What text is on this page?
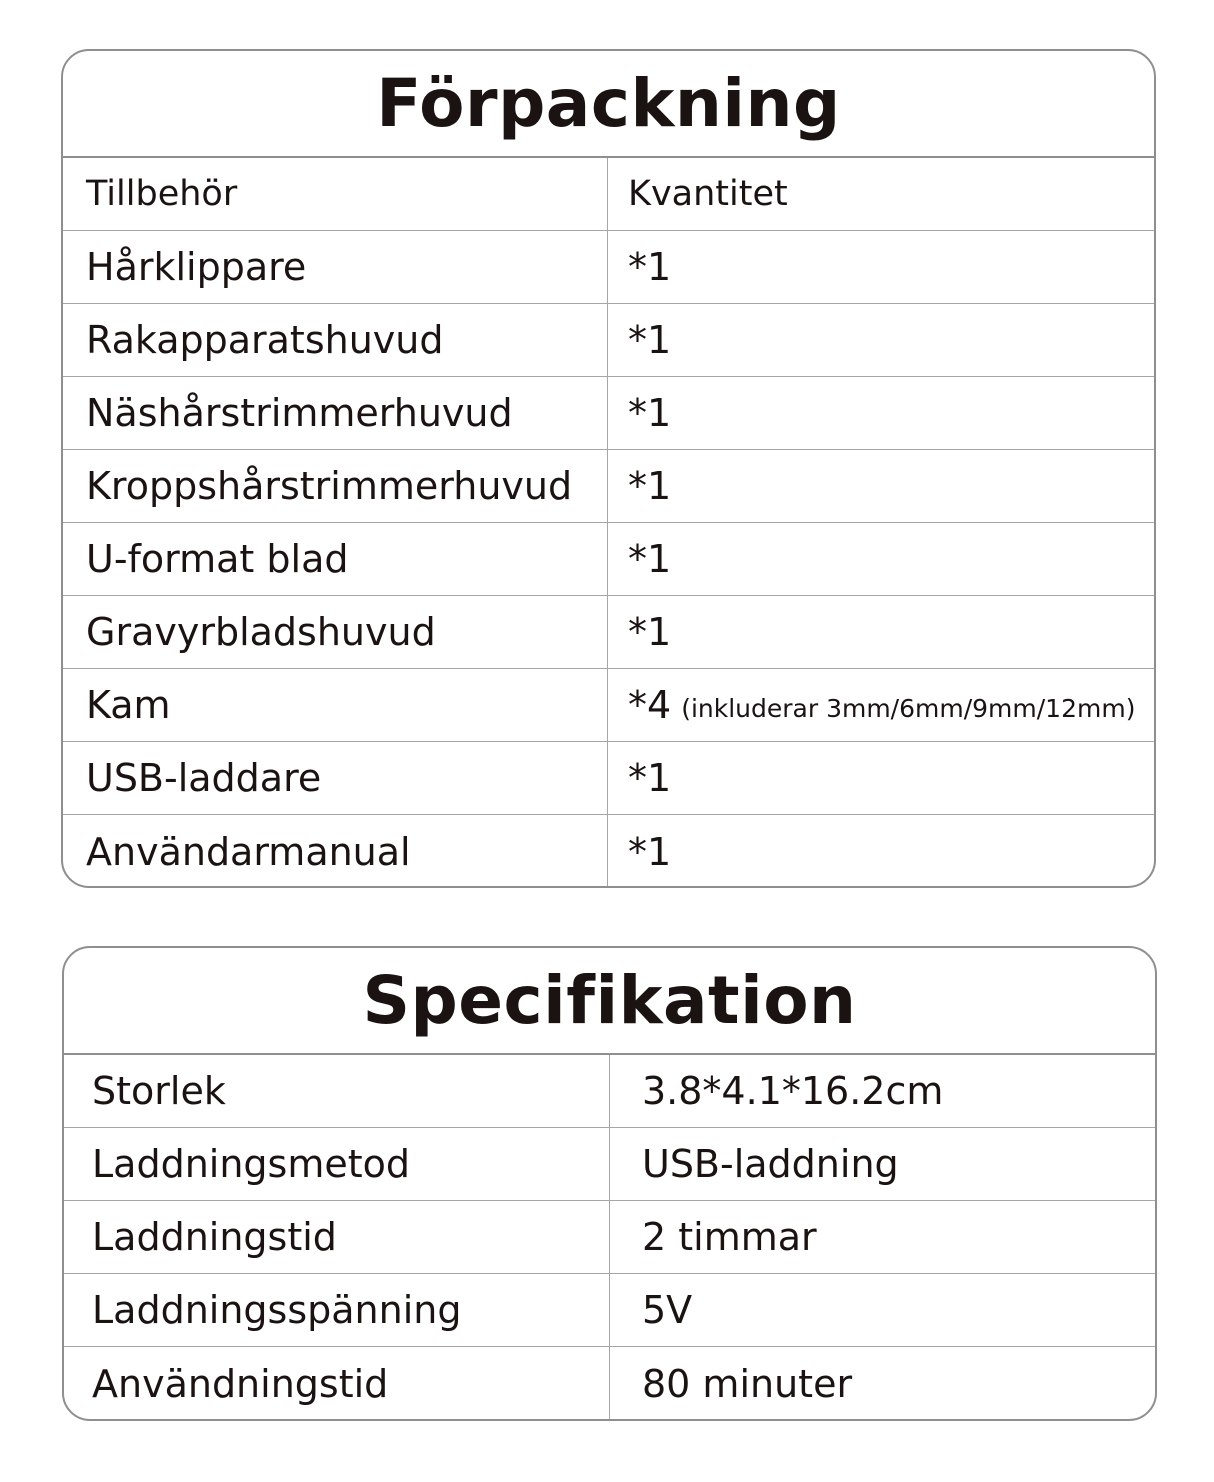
Förpackning
Tillbehör	Kvantitet
Hårklippare	*1
Rakapparatshuvud	*1
Näshårstrimmerhuvud	*1
Kroppshårstrimmerhuvud	*1
U-format blad	*1
Gravyrbladshuvud	*1
Kam	*4 (inkluderar 3mm/6mm/9mm/12mm)
USB-laddare	*1
Användarmanual	*1
Specifikation
Storlek	3.8*4.1*16.2cm
Laddningsmetod	USB-laddning
Laddningstid	2 timmar
Laddningsspänning	5V
Användningstid	80 minuter
